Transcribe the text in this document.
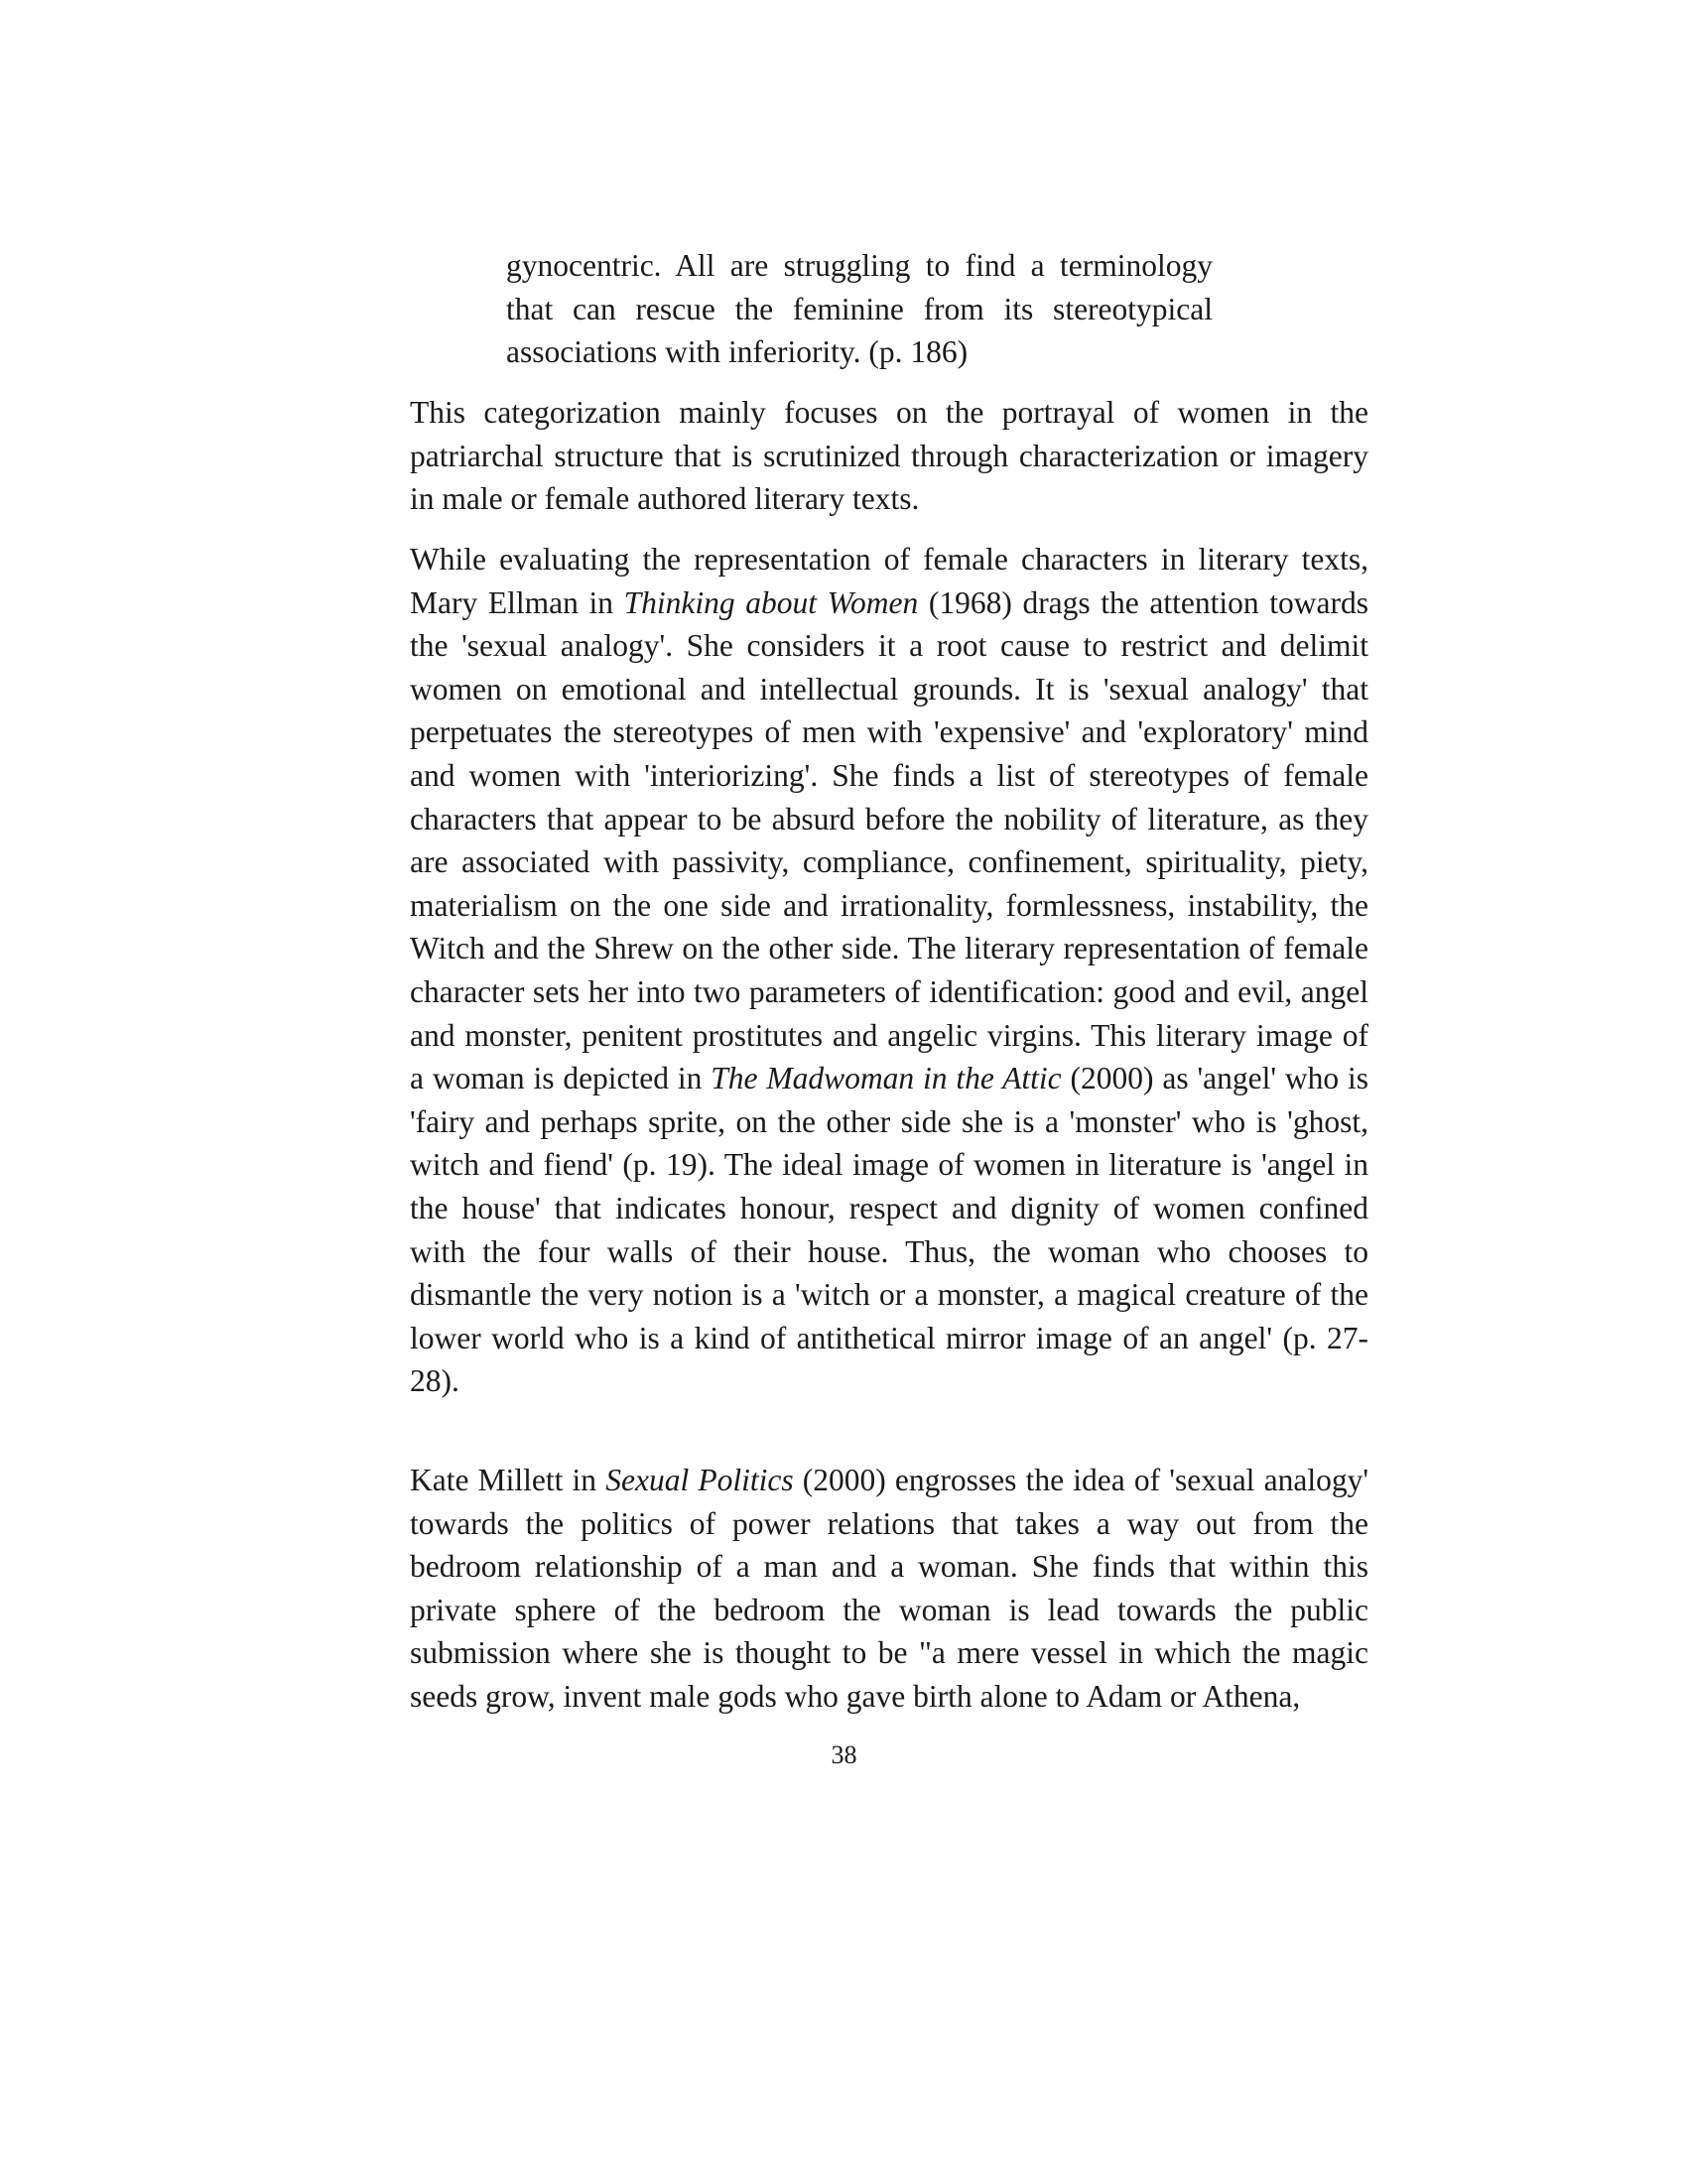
gynocentric. All are struggling to find a terminology that can rescue the feminine from its stereotypical associations with inferiority. (p. 186)

This categorization mainly focuses on the portrayal of women in the patriarchal structure that is scrutinized through characterization or imagery in male or female authored literary texts.

While evaluating the representation of female characters in literary texts, Mary Ellman in Thinking about Women (1968) drags the attention towards the 'sexual analogy'. She considers it a root cause to restrict and delimit women on emotional and intellectual grounds. It is 'sexual analogy' that perpetuates the stereotypes of men with 'expensive' and 'exploratory' mind and women with 'interiorizing'. She finds a list of stereotypes of female characters that appear to be absurd before the nobility of literature, as they are associated with passivity, compliance, confinement, spirituality, piety, materialism on the one side and irrationality, formlessness, instability, the Witch and the Shrew on the other side. The literary representation of female character sets her into two parameters of identification: good and evil, angel and monster, penitent prostitutes and angelic virgins. This literary image of a woman is depicted in The Madwoman in the Attic (2000) as 'angel' who is 'fairy and perhaps sprite, on the other side she is a 'monster' who is 'ghost, witch and fiend' (p. 19). The ideal image of women in literature is 'angel in the house' that indicates honour, respect and dignity of women confined with the four walls of their house. Thus, the woman who chooses to dismantle the very notion is a 'witch or a monster, a magical creature of the lower world who is a kind of antithetical mirror image of an angel' (p. 27-28).

Kate Millett in Sexual Politics (2000) engrosses the idea of 'sexual analogy' towards the politics of power relations that takes a way out from the bedroom relationship of a man and a woman. She finds that within this private sphere of the bedroom the woman is lead towards the public submission where she is thought to be "a mere vessel in which the magic seeds grow, invent male gods who gave birth alone to Adam or Athena,

38
